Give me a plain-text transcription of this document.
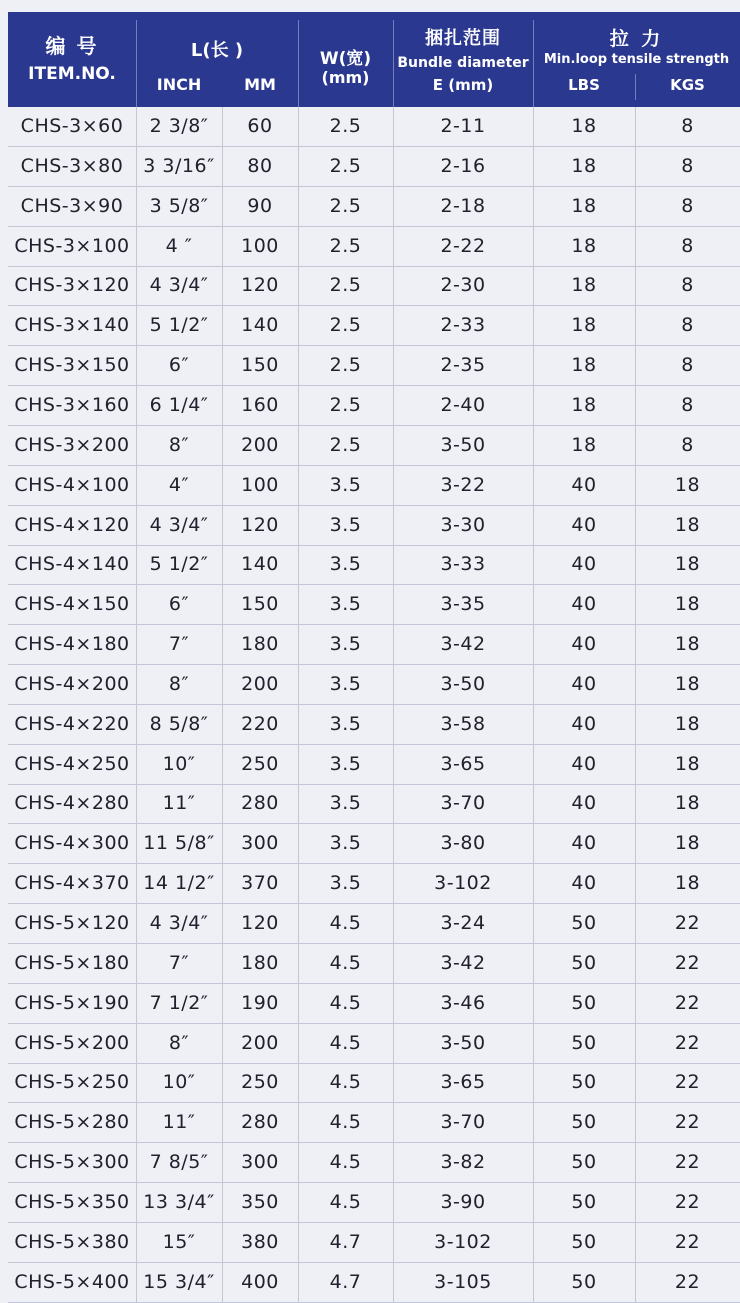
编 号
ITEM.NO.
L(长 )
INCH	MM
W(宽)
(mm)
捆扎范围
Bundle diameter
E (mm)
拉 力
Min.loop tensile strength
LBS	KGS
CHS-3×60	2 3/8″	60	2.5	2-11	18	8
CHS-3×80	3 3/16″	80	2.5	2-16	18	8
CHS-3×90	3 5/8″	90	2.5	2-18	18	8
CHS-3×100	4 ″	100	2.5	2-22	18	8
CHS-3×120	4 3/4″	120	2.5	2-30	18	8
CHS-3×140	5 1/2″	140	2.5	2-33	18	8
CHS-3×150	6″	150	2.5	2-35	18	8
CHS-3×160	6 1/4″	160	2.5	2-40	18	8
CHS-3×200	8″	200	2.5	3-50	18	8
CHS-4×100	4″	100	3.5	3-22	40	18
CHS-4×120	4 3/4″	120	3.5	3-30	40	18
CHS-4×140	5 1/2″	140	3.5	3-33	40	18
CHS-4×150	6″	150	3.5	3-35	40	18
CHS-4×180	7″	180	3.5	3-42	40	18
CHS-4×200	8″	200	3.5	3-50	40	18
CHS-4×220	8 5/8″	220	3.5	3-58	40	18
CHS-4×250	10″	250	3.5	3-65	40	18
CHS-4×280	11″	280	3.5	3-70	40	18
CHS-4×300 11 5/8″	300	3.5	3-80	40	18
CHS-4×370 14 1/2″	370	3.5	3-102	40	18
CHS-5×120	4 3/4″	120	4.5	3-24	50	22
CHS-5×180	7″	180	4.5	3-42	50	22
CHS-5×190	7 1/2″	190	4.5	3-46	50	22
CHS-5×200	8″	200	4.5	3-50	50	22
CHS-5×250	10″	250	4.5	3-65	50	22
CHS-5×280	11″	280	4.5	3-70	50	22
CHS-5×300	7 8/5″	300	4.5	3-82	50	22
CHS-5×350 13 3/4″	350	4.5	3-90	50	22
CHS-5×380	15″	380	4.7	3-102	50	22
CHS-5×400 15 3/4″	400	4.7	3-105	50	22
